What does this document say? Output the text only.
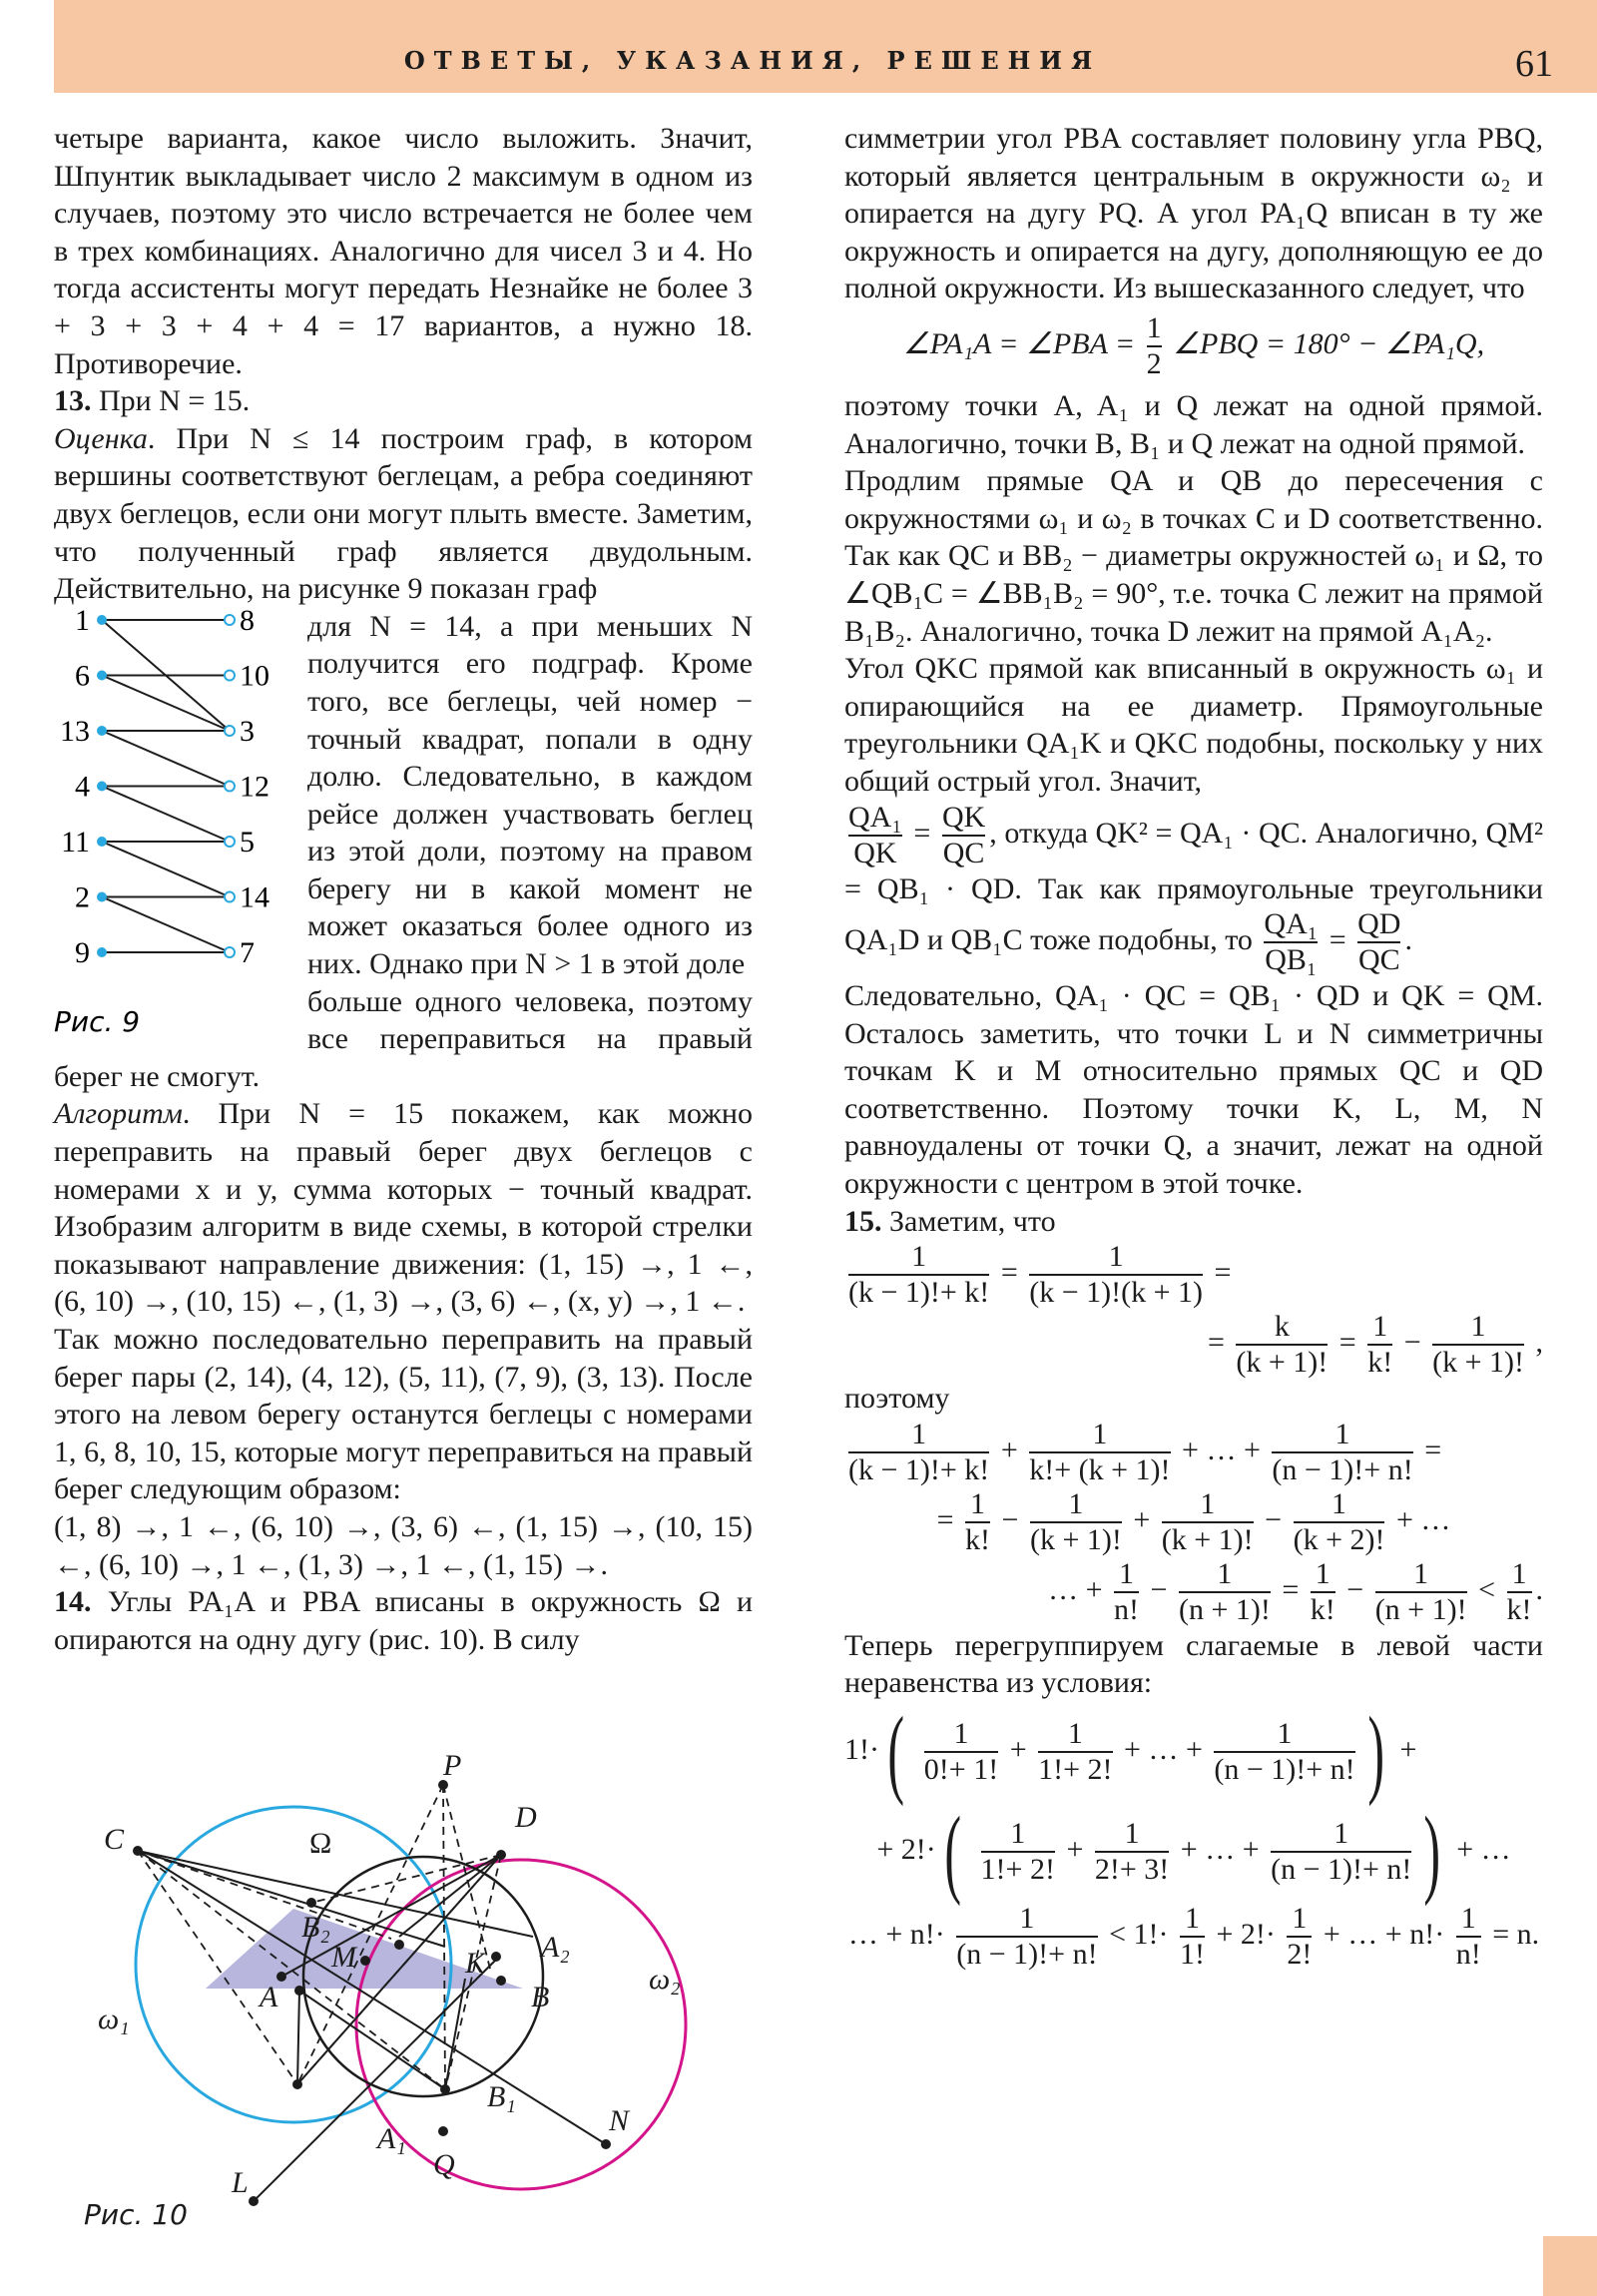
ОТВЕТЫ, УКАЗАНИЯ, РЕШЕНИЯ	61

четыре варианта, какое число выложить. Значит, Шпунтик выкладывает число 2 максимум в одном из случаев, поэтому это число встречается не более чем в трех комбинациях. Аналогично для чисел 3 и 4. Но тогда ассистенты могут передать Незнайке не более 3 + 3 + 3 + 4 + 4 = 17 вариантов, а нужно 18. Противоречие.

13. При N = 15.

Оценка. При N ≤ 14 построим граф, в котором вершины соответствуют беглецам, а ребра соединяют двух беглецов, если они могут плыть вместе. Заметим, что полученный граф является двудольным. Действительно, на рисунке 9 показан граф

1
6
13
4
11
2
9
8
10
3
12
5
14
7
Рис. 9

для N = 14, а при меньших N получится его подграф. Кроме того, все беглецы, чей номер − точный квадрат, попали в одну долю. Следовательно, в каждом рейсе должен участвовать беглец из этой доли, поэтому на правом берегу ни в какой момент не может оказаться более одного из них. Однако при N > 1 в этой доле

больше одного человека, поэтому все переправиться на правый берег не смогут.

Алгоритм. При N = 15 покажем, как можно переправить на правый берег двух беглецов с номерами x и y, сумма которых − точный квадрат. Изобразим алгоритм в виде схемы, в которой стрелки показывают направление движения: (1, 15) →, 1 ←, (6, 10) →, (10, 15) ←, (1, 3) →, (3, 6) ←, (x, y) →, 1 ←.

Так можно последовательно переправить на правый берег пары (2, 14), (4, 12), (5, 11), (7, 9), (3, 13). После этого на левом берегу останутся беглецы с номерами 1, 6, 8, 10, 15, которые могут переправиться на правый берег следующим образом:

(1, 8) →, 1 ←, (6, 10) →, (3, 6) ←, (1, 15) →, (10, 15) ←, (6, 10) →, 1 ←, (1, 3) →, 1 ←, (1, 15) →.

14. Углы PA₁A и PBA вписаны в окружность Ω и опираются на одну дугу (рис. 10). В силу

C
P
D
Ω
B₂
M	K A₂
A	B
ω₂
ω₁
B₁
A₁
N
Q
L
Рис. 10

симметрии угол PBA составляет половину угла PBQ, который является центральным в окружности ω₂ и опирается на дугу PQ. А угол PA₁Q вписан в ту же окружность и опирается на дугу, дополняющую ее до полной окружности. Из вышесказанного следует, что

∠PA₁A = ∠PBA = $\frac{1}{2}$ ∠PBQ = 180° − ∠PA₁Q,

поэтому точки A, A₁ и Q лежат на одной прямой. Аналогично, точки B, B₁ и Q лежат на одной прямой.

Продлим прямые QA и QB до пересечения с окружностями ω₁ и ω₂ в точках C и D соответственно. Так как QC и BB₂ − диаметры окружностей ω₁ и Ω, то ∠QB₁C = ∠BB₁B₂ = 90°, т.е. точка C лежит на прямой B₁B₂. Аналогично, точка D лежит на прямой A₁A₂.

Угол QKC прямой как вписанный в окружность ω₁ и опирающийся на ее диаметр. Прямоугольные треугольники QA₁K и QKC подобны, поскольку у них общий острый угол. Значит,

$\frac{\text{QA₁}}{QK} = \frac{QK}{QC}$ , откуда QK² = QA₁ · QC. Аналогично, QM² = QB₁ · QD. Так как прямоугольные треугольники QA₁D и QB₁C тоже подобны, то $\frac{\text{QA₁}}{\text{QB₁}} = \frac{QD}{QC}$ .

Следовательно, QA₁ · QC = QB₁ · QD и QK = QM. Осталось заметить, что точки L и N симметричны точкам K и M относительно прямых QC и QD соответственно. Поэтому точки K, L, M, N равноудалены от точки Q, а значит, лежат на одной окружности с центром в этой точке.

15. Заметим, что

$\frac{1}{(k - 1)!+ k!} = \frac{1}{(k - 1)!(k + 1)}$ =
= $\frac{k}{(k + 1)!} = \frac{1}{k!} - \frac{1}{(k + 1)!}$ ,

поэтому

$\frac{1}{(k - 1)!+ k!} + \frac{1}{k!+ (k + 1)!}$ + … + $\frac{1}{(n - 1)!+ n!}$ =
= $\frac{1}{k!} - \frac{1}{(k + 1)!} + \frac{1}{(k + 1)!} - \frac{1}{(k + 2)!}$ + …
… + $\frac{1}{n!} - \frac{1}{(n + 1)!} = \frac{1}{k!} - \frac{1}{(n + 1)!} < \frac{1}{k!}$ .

Теперь перегруппируем слагаемые в левой части неравенства из условия:

$1!\cdot( \frac{1}{0!+ 1!} + \frac{1}{1!+ 2!}$ + … + $\frac{1}{(n - 1)!+ n!}$ ) +
+ $2!\cdot( \frac{1}{1!+ 2!} + \frac{1}{2!+ 3!}$ + … + $\frac{1}{(n - 1)!+ n!}$ ) + …
… + $n!\cdot \frac{1}{(n - 1)!+ n!} < 1!\cdot \frac{1}{1!} + 2!\cdot \frac{1}{2!}$ + … + $n!\cdot \frac{1}{n!} = n$.
